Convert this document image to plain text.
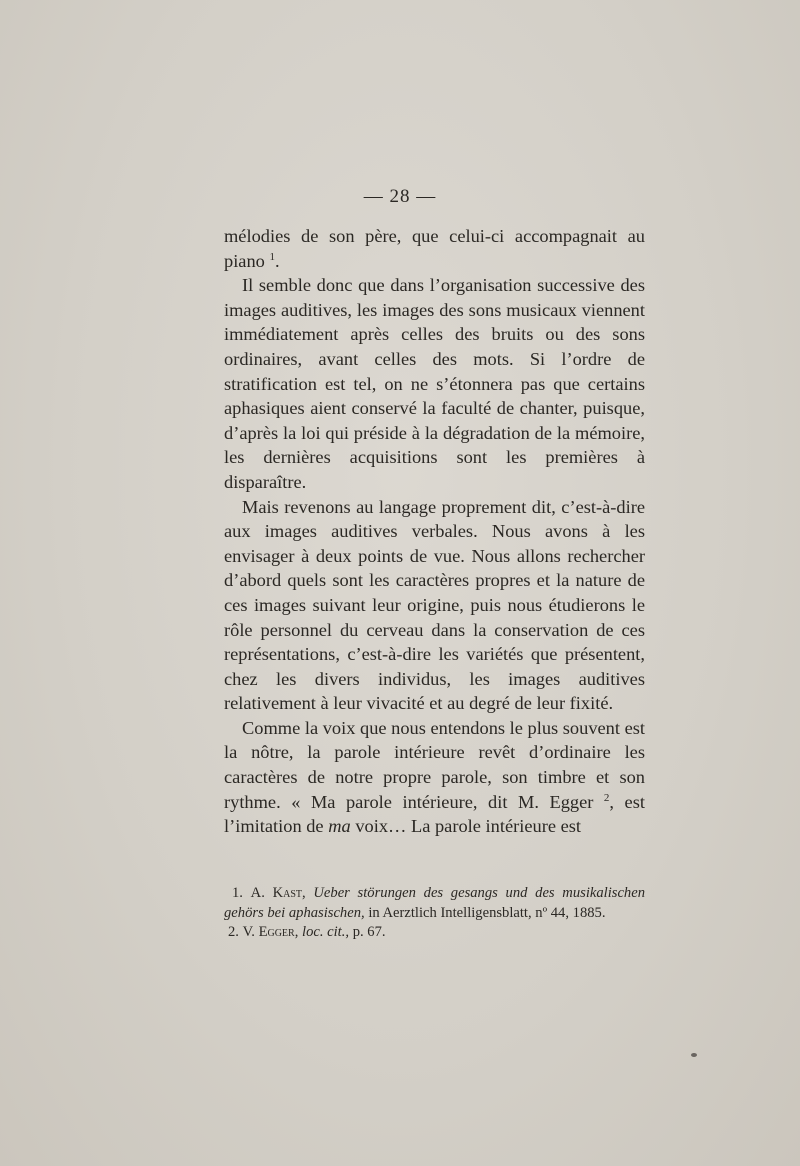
— 28 —

mélodies de son père, que celui-ci accompagnait au piano $^1$.

Il semble donc que dans l’organisation successive des images auditives, les images des sons musicaux viennent immédiatement après celles des bruits ou des sons ordinaires, avant celles des mots. Si l’ordre de stratification est tel, on ne s’étonnera pas que certains aphasiques aient conservé la faculté de chanter, puisque, d’après la loi qui préside à la dégradation de la mémoire, les dernières acquisitions sont les premières à disparaître.

Mais revenons au langage proprement dit, c’est-à-dire aux images auditives verbales. Nous avons à les envisager à deux points de vue. Nous allons rechercher d’abord quels sont les caractères propres et la nature de ces images suivant leur origine, puis nous étudierons le rôle personnel du cerveau dans la conservation de ces représentations, c’est-à-dire les variétés que présentent, chez les divers individus, les images auditives relativement à leur vivacité et au degré de leur fixité.

Comme la voix que nous entendons le plus souvent est la nôtre, la parole intérieure revêt d’ordinaire les caractères de notre propre parole, son timbre et son rythme. « Ma parole intérieure, dit M. Egger $^2$, est l’imitation de ma voix… La parole intérieure est

1. A. Kast, Ueber störungen des gesangs und des musikalischen gehörs bei aphasischen, in Aerztlich Intelligensblatt, nº 44, 1885.

2. V. Egger, loc. cit., p. 67.
